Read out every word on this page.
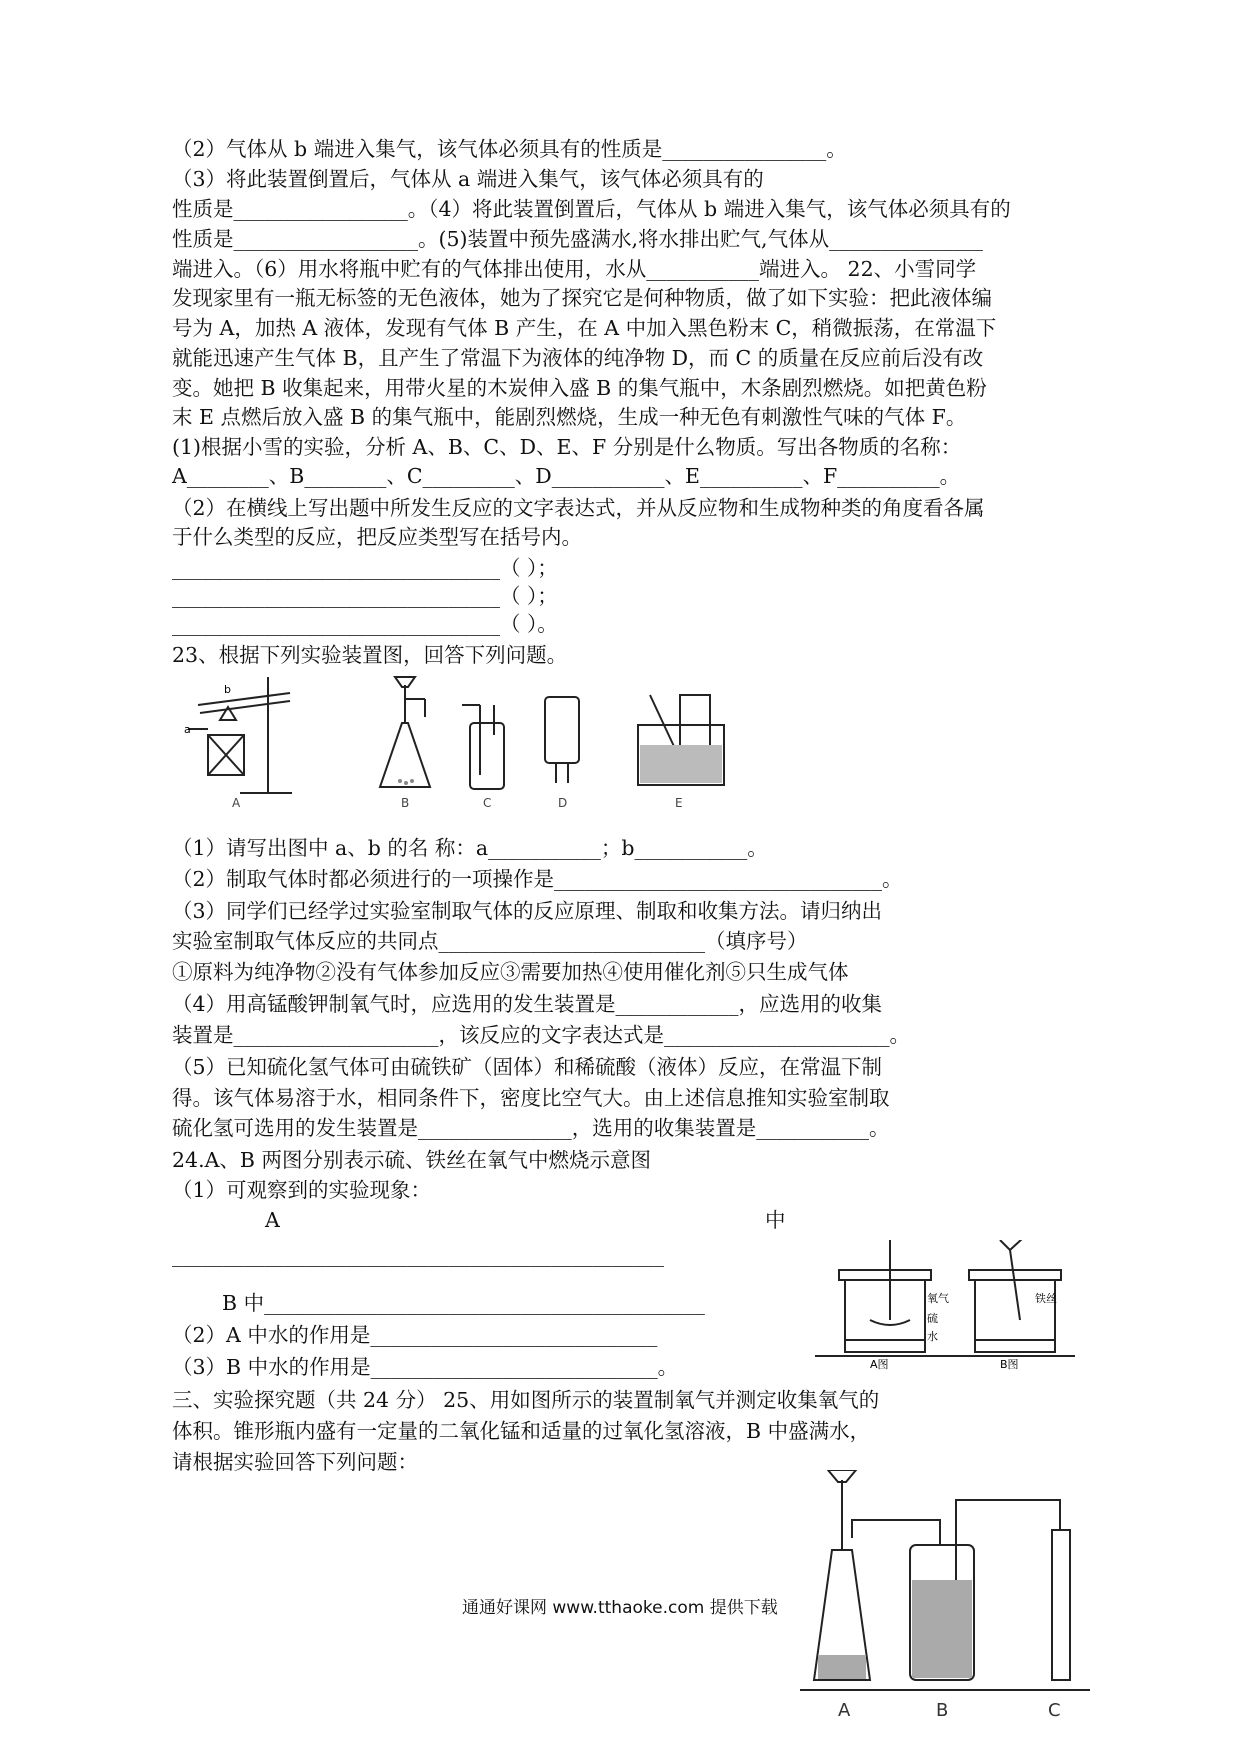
（2）气体从 b 端进入集气，该气体必须具有的性质是________________。
（3）将此装置倒置后，气体从 a 端进入集气，该气体必须具有的
性质是_________________。（4）将此装置倒置后，气体从 b 端进入集气，该气体必须具有的
性质是__________________。(5)装置中预先盛满水,将水排出贮气,气体从_______________
端进入。（6）用水将瓶中贮有的气体排出使用，水从___________端进入。 22、小雪同学
发现家里有一瓶无标签的无色液体，她为了探究它是何种物质，做了如下实验：把此液体编
号为 A，加热 A 液体，发现有气体 B 产生，在 A 中加入黑色粉末 C，稍微振荡，在常温下
就能迅速产生气体 B，且产生了常温下为液体的纯净物 D，而 C 的质量在反应前后没有改
变。她把 B 收集起来，用带火星的木炭伸入盛 B 的集气瓶中，木条剧烈燃烧。如把黄色粉
末 E 点燃后放入盛 B 的集气瓶中，能剧烈燃烧，生成一种无色有刺激性气味的气体 F。
(1)根据小雪的实验，分析 A、B、C、D、E、F 分别是什么物质。写出各物质的名称：
A________、B________、C_________、D___________、E__________、F__________。
（2）在横线上写出题中所发生反应的文字表达式，并从反应物和生成物种类的角度看各属
于什么类型的反应，把反应类型写在括号内。
________________________________（ ）；
________________________________（ ）；
________________________________（ ）。
23、根据下列实验装置图，回答下列问题。
a
b
A	B	C	D	E
（1）请写出图中 a、b 的名 称：a___________；b___________。
（2）制取气体时都必须进行的一项操作是________________________________。
（3）同学们已经学过实验室制取气体的反应原理、制取和收集方法。请归纳出
实验室制取气体反应的共同点__________________________（填序号）
①原料为纯净物②没有气体参加反应③需要加热④使用催化剂⑤只生成气体
（4）用高锰酸钾制氧气时，应选用的发生装置是____________，应选用的收集
装置是____________________，该反应的文字表达式是______________________。
（5）已知硫化氢气体可由硫铁矿（固体）和稀硫酸（液体）反应，在常温下制
得。该气体易溶于水，相同条件下，密度比空气大。由上述信息推知实验室制取
硫化氢可选用的发生装置是_______________，选用的收集装置是___________。
24.A、B 两图分别表示硫、铁丝在氧气中燃烧示意图
（1）可观察到的实验现象：
A	中
________________________________________________
B 中___________________________________________
（2）A 中水的作用是____________________________
（3）B 中水的作用是____________________________。
氧气
硫
水
铁丝
A图	B图
三、实验探究题（共 24 分） 25、用如图所示的装置制氧气并测定收集氧气的
体积。锥形瓶内盛有一定量的二氧化锰和适量的过氧化氢溶液，B 中盛满水，
请根据实验回答下列问题：
A	B	C
通通好课网 www.tthaoke.com 提供下载
